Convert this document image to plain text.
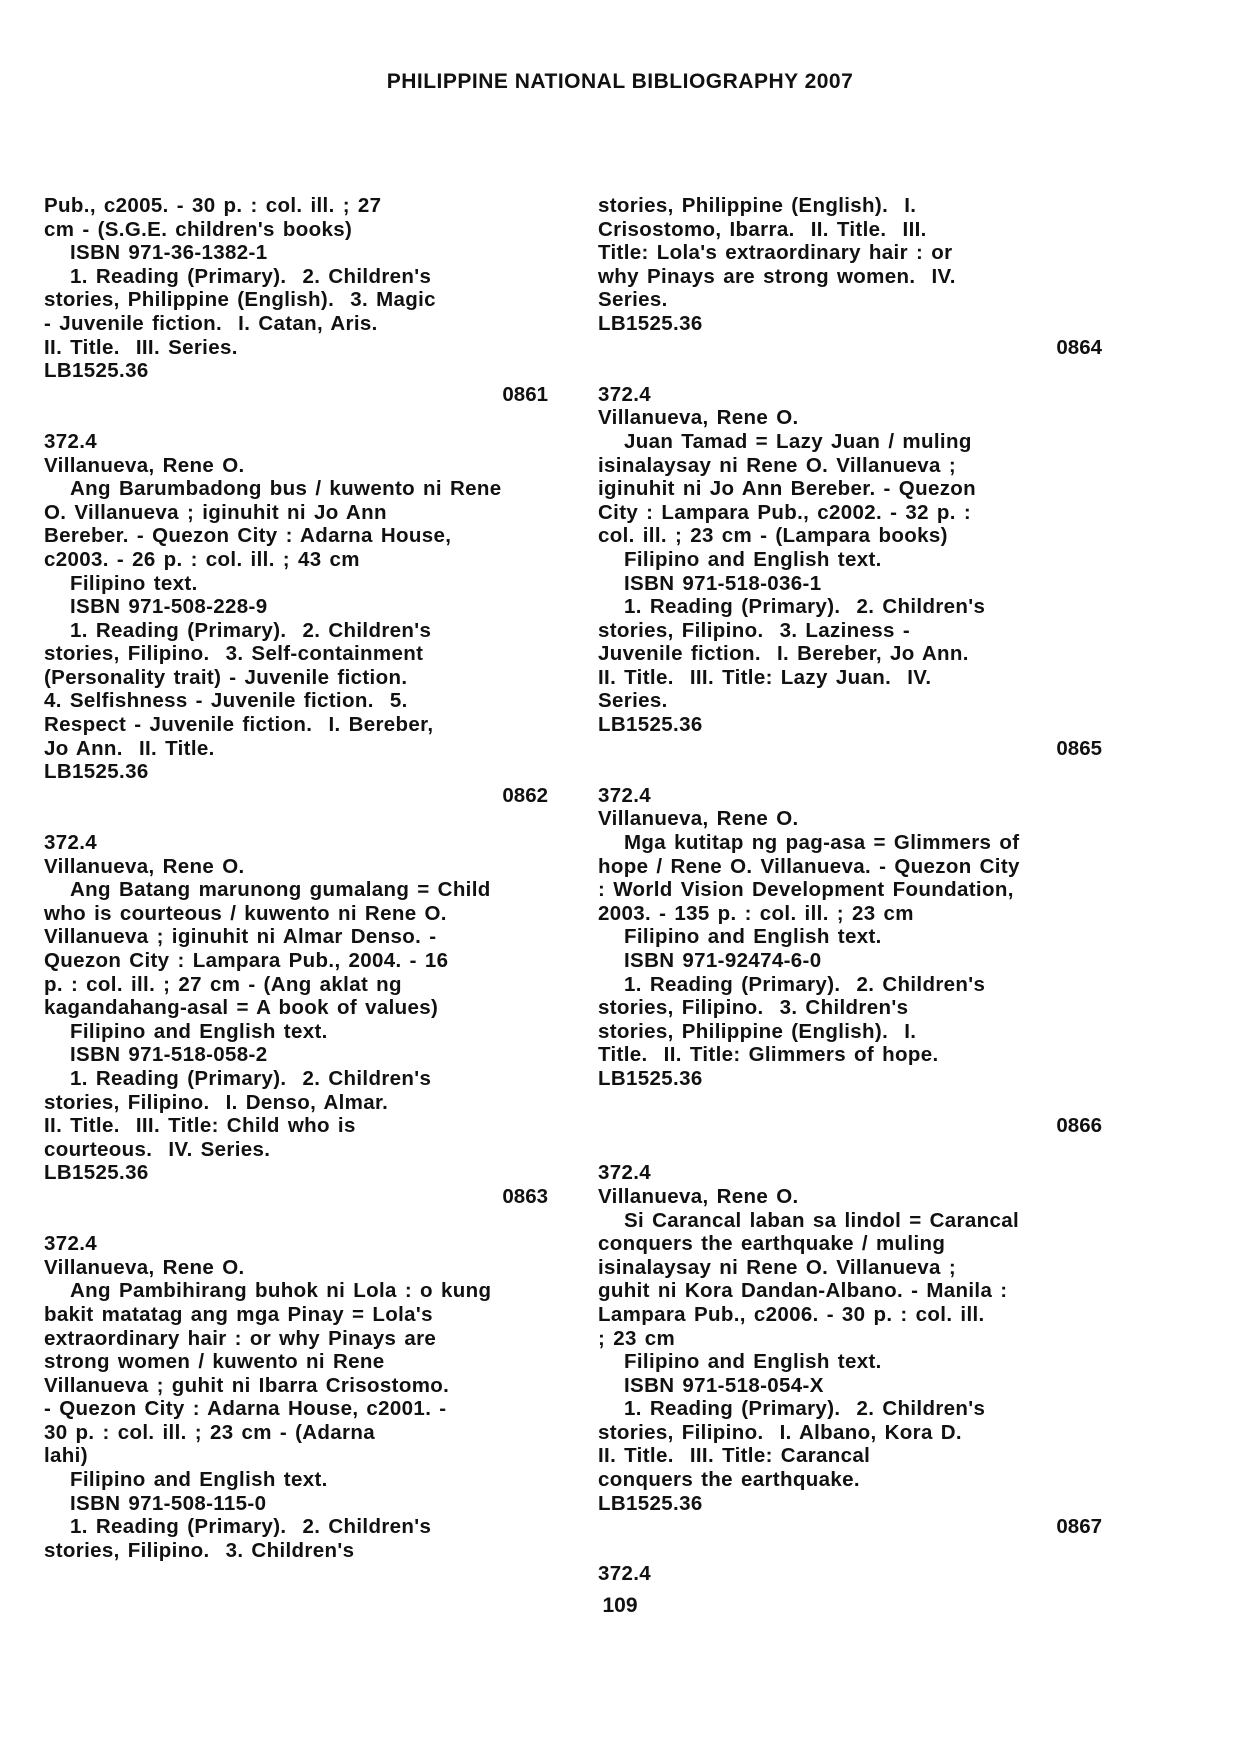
PHILIPPINE NATIONAL BIBLIOGRAPHY 2007
Pub., c2005. - 30 p. : col. ill. ; 27
cm - (S.G.E. children's books)
ISBN 971-36-1382-1
1. Reading (Primary).  2. Children's
stories, Philippine (English).  3. Magic
- Juvenile fiction.  I. Catan, Aris.
II. Title.  III. Series.
LB1525.36
0861
372.4
Villanueva, Rene O.
Ang Barumbadong bus / kuwento ni Rene
O. Villanueva ; iginuhit ni Jo Ann
Bereber. - Quezon City : Adarna House,
c2003. - 26 p. : col. ill. ; 43 cm
Filipino text.
ISBN 971-508-228-9
1. Reading (Primary).  2. Children's
stories, Filipino.  3. Self-containment
(Personality trait) - Juvenile fiction.
4. Selfishness - Juvenile fiction.  5.
Respect - Juvenile fiction.  I. Bereber,
Jo Ann.  II. Title.
LB1525.36
0862
372.4
Villanueva, Rene O.
Ang Batang marunong gumalang = Child
who is courteous / kuwento ni Rene O.
Villanueva ; iginuhit ni Almar Denso. -
Quezon City : Lampara Pub., 2004. - 16
p. : col. ill. ; 27 cm - (Ang aklat ng
kagandahang-asal = A book of values)
Filipino and English text.
ISBN 971-518-058-2
1. Reading (Primary).  2. Children's
stories, Filipino.  I. Denso, Almar.
II. Title.  III. Title: Child who is
courteous.  IV. Series.
LB1525.36
0863
372.4
Villanueva, Rene O.
Ang Pambihirang buhok ni Lola : o kung
bakit matatag ang mga Pinay = Lola's
extraordinary hair : or why Pinays are
strong women / kuwento ni Rene
Villanueva ; guhit ni Ibarra Crisostomo.
- Quezon City : Adarna House, c2001. -
30 p. : col. ill. ; 23 cm - (Adarna
lahi)
Filipino and English text.
ISBN 971-508-115-0
1. Reading (Primary).  2. Children's
stories, Filipino.  3. Children's
stories, Philippine (English).  I.
Crisostomo, Ibarra.  II. Title.  III.
Title: Lola's extraordinary hair : or
why Pinays are strong women.  IV.
Series.
LB1525.36
0864
372.4
Villanueva, Rene O.
Juan Tamad = Lazy Juan / muling
isinalaysay ni Rene O. Villanueva ;
iginuhit ni Jo Ann Bereber. - Quezon
City : Lampara Pub., c2002. - 32 p. :
col. ill. ; 23 cm - (Lampara books)
Filipino and English text.
ISBN 971-518-036-1
1. Reading (Primary).  2. Children's
stories, Filipino.  3. Laziness -
Juvenile fiction.  I. Bereber, Jo Ann.
II. Title.  III. Title: Lazy Juan.  IV.
Series.
LB1525.36
0865
372.4
Villanueva, Rene O.
Mga kutitap ng pag-asa = Glimmers of
hope / Rene O. Villanueva. - Quezon City
: World Vision Development Foundation,
2003. - 135 p. : col. ill. ; 23 cm
Filipino and English text.
ISBN 971-92474-6-0
1. Reading (Primary).  2. Children's
stories, Filipino.  3. Children's
stories, Philippine (English).  I.
Title.  II. Title: Glimmers of hope.
LB1525.36
0866
372.4
Villanueva, Rene O.
Si Carancal laban sa lindol = Carancal
conquers the earthquake / muling
isinalaysay ni Rene O. Villanueva ;
guhit ni Kora Dandan-Albano. - Manila :
Lampara Pub., c2006. - 30 p. : col. ill.
; 23 cm
Filipino and English text.
ISBN 971-518-054-X
1. Reading (Primary).  2. Children's
stories, Filipino.  I. Albano, Kora D.
II. Title.  III. Title: Carancal
conquers the earthquake.
LB1525.36
0867
372.4
109
